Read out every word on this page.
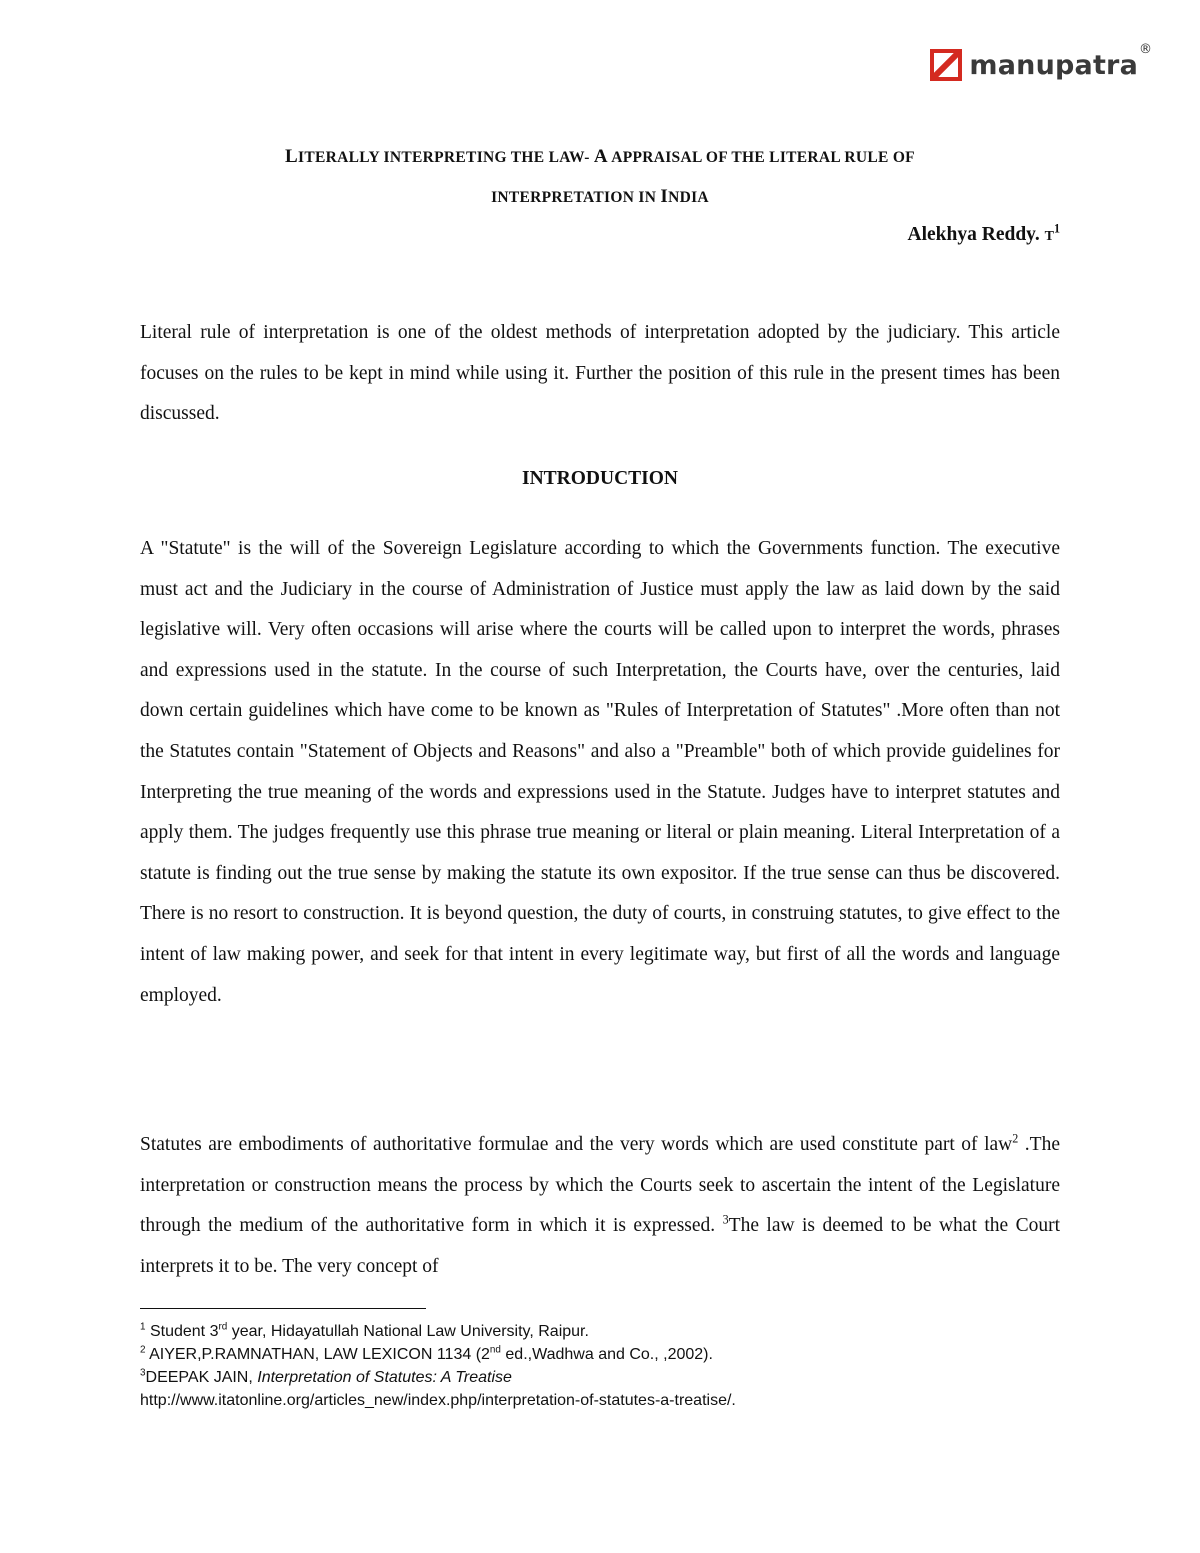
manupatra ®
LITERALLY INTERPRETING THE LAW- A APPRAISAL OF THE LITERAL RULE OF
INTERPRETATION IN INDIA
Alekhya Reddy. $T^1$

Literal rule of interpretation is one of the oldest methods of interpretation adopted by the judiciary. This article focuses on the rules to be kept in mind while using it. Further the position of this rule in the present times has been discussed.

INTRODUCTION

A "Statute" is the will of the Sovereign Legislature according to which the Governments function. The executive must act and the Judiciary in the course of Administration of Justice must apply the law as laid down by the said legislative will. Very often occasions will arise where the courts will be called upon to interpret the words, phrases and expressions used in the statute. In the course of such Interpretation, the Courts have, over the centuries, laid down certain guidelines which have come to be known as "Rules of Interpretation of Statutes" .More often than not the Statutes contain "Statement of Objects and Reasons" and also a "Preamble" both of which provide guidelines for Interpreting the true meaning of the words and expressions used in the Statute. Judges have to interpret statutes and apply them. The judges frequently use this phrase true meaning or literal or plain meaning. Literal Interpretation of a statute is finding out the true sense by making the statute its own expositor. If the true sense can thus be discovered. There is no resort to construction. It is beyond question, the duty of courts, in construing statutes, to give effect to the intent of law making power, and seek for that intent in every legitimate way, but first of all the words and language employed.

Statutes are embodiments of authoritative formulae and the very words which are used constitute part of law$^2$ .The interpretation or construction means the process by which the Courts seek to ascertain the intent of the Legislature through the medium of the authoritative form in which it is expressed. $^3$The law is deemed to be what the Court interprets it to be. The very concept of

$^1$ Student 3rd year, Hidayatullah National Law University, Raipur.
$^2$ AIYER,P.RAMNATHAN, LAW LEXICON 1134 (2nd ed.,Wadhwa and Co., ,2002).
$^3$DEEPAK JAIN, Interpretation of Statutes: A Treatise
http://www.itatonline.org/articles_new/index.php/interpretation-of-statutes-a-treatise/.
